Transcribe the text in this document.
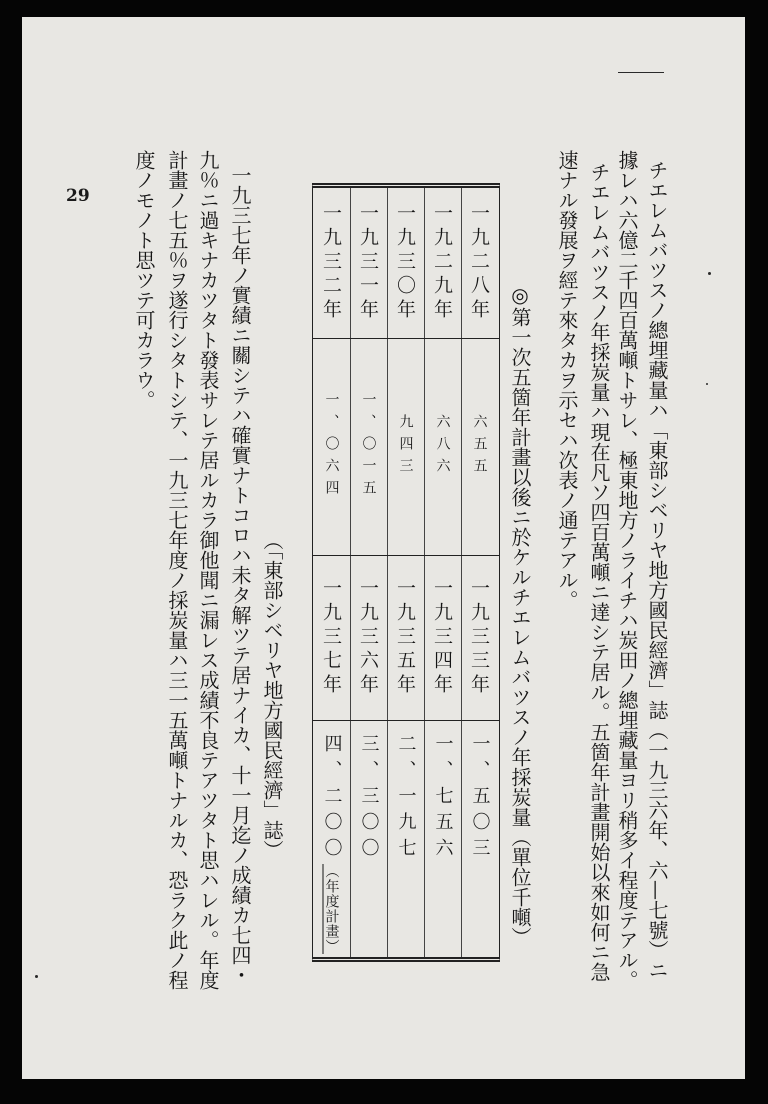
29	チエレムバツスノ總埋藏量ハ「東部シベリヤ地方國民經濟」誌（一九三六年、六—七號）ニ
據レハ六億二千四百萬噸トサレ、極東地方ノライチハ炭田ノ總埋藏量ヨリ稍多イ程度テアル。
チエレムバツスノ年採炭量ハ現在凡ソ四百萬噸ニ達シテ居ル。五箇年計畫開始以來如何ニ急
速ナル發展ヲ經テ來タカヲ示セハ次表ノ通テアル。
◎第一次五箇年計畫以後ニ於ケルチエレムバツスノ年採炭量（單位千噸）
一九二八年
一九二九年
一九三〇年
一九三一年
一九三二年
六五五
六八六
九四三
一、〇一五
一、〇六四
一九三三年
一九三四年
一九三五年
一九三六年
一九三七年
一、五〇三
一、七五六
二、一九七
三、三〇〇
四、二〇〇（年度計畫）
（「東部シベリヤ地方國民經濟」誌）
一九三七年ノ實績ニ關シテハ確實ナトコロハ未タ解ツテ居ナイカ、十一月迄ノ成績カ七四・
九％ニ過キナカツタト發表サレテ居ルカラ御他聞ニ漏レス成績不良テアツタト思ハレル。年度
計畫ノ七五％ヲ遂行シタトシテ、一九三七年度ノ採炭量ハ三一五萬噸トナルカ、恐ラク此ノ程
度ノモノト思ツテ可カラウ。
